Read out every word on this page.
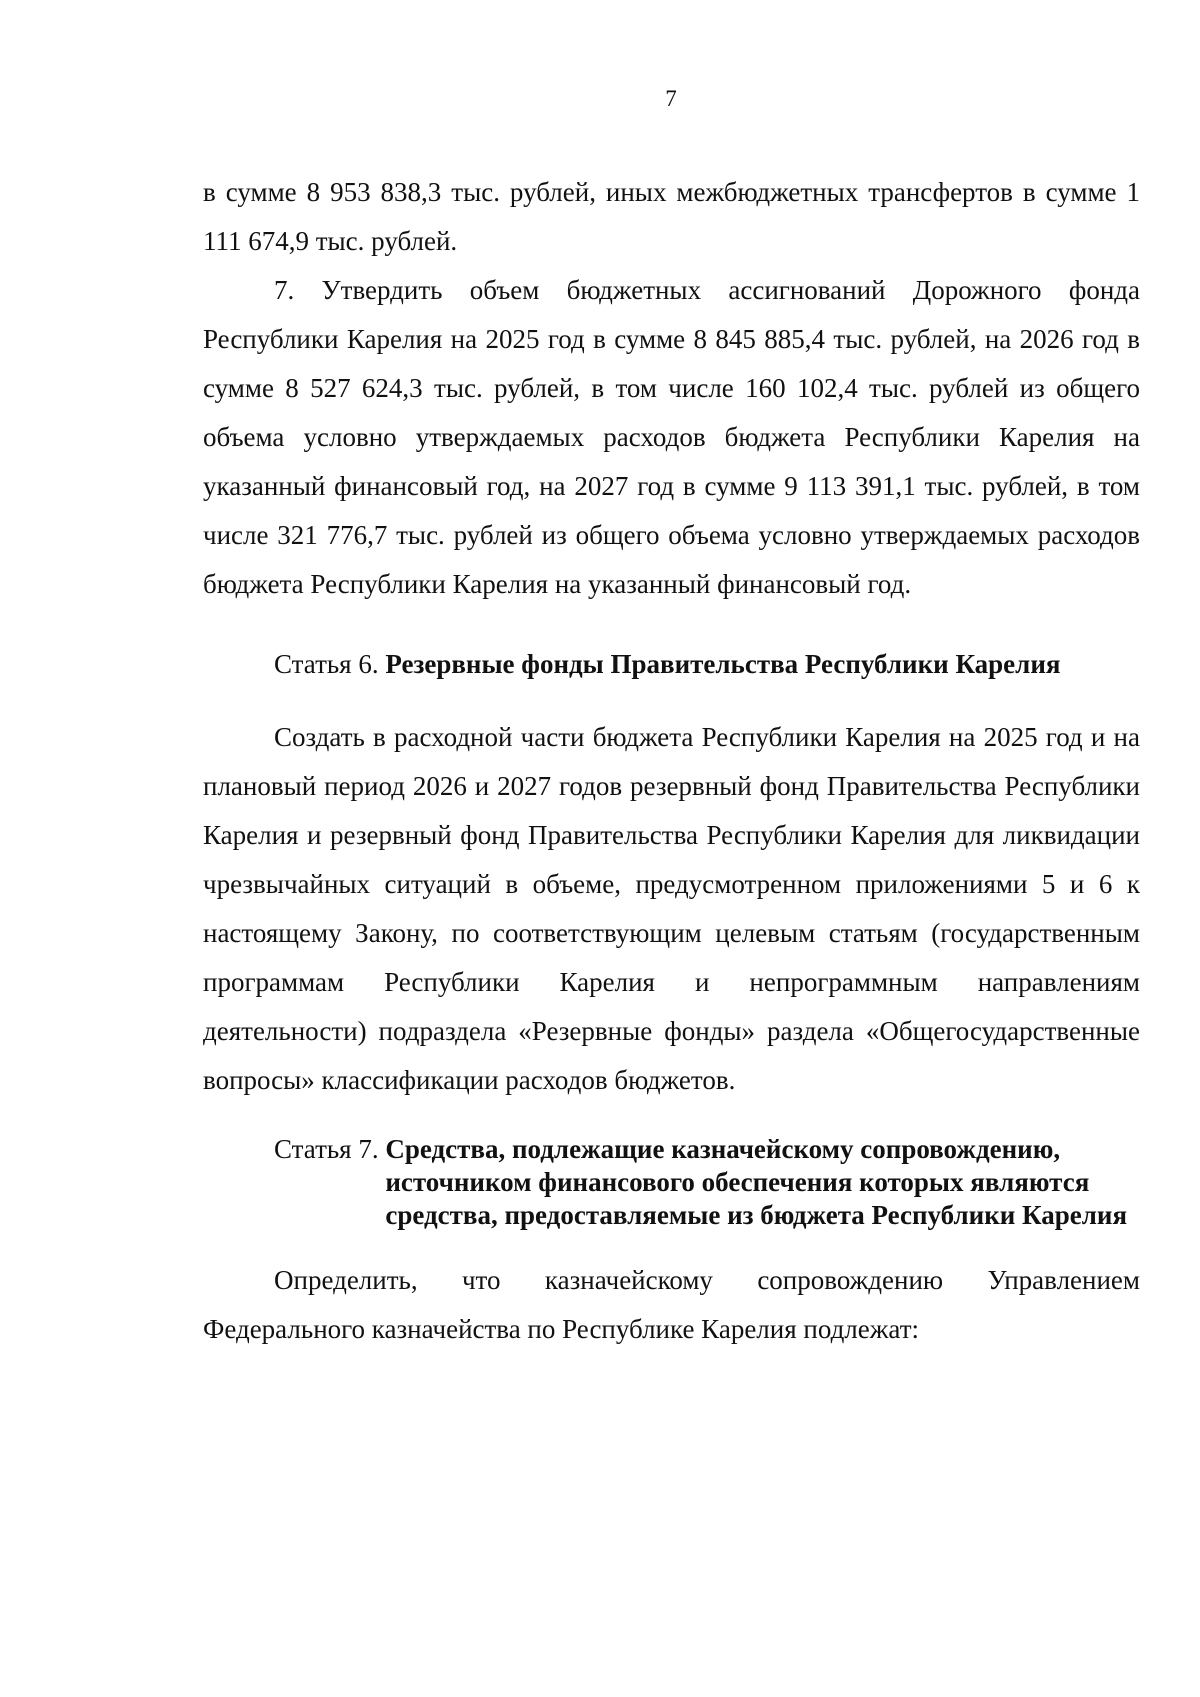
7

в сумме 8 953 838,3 тыс. рублей, иных межбюджетных трансфертов в сумме 1 111 674,9 тыс. рублей.

7. Утвердить объем бюджетных ассигнований Дорожного фонда Республики Карелия на 2025 год в сумме 8 845 885,4 тыс. рублей, на 2026 год в сумме 8 527 624,3 тыс. рублей, в том числе 160 102,4 тыс. рублей из общего объема условно утверждаемых расходов бюджета Республики Карелия на указанный финансовый год, на 2027 год в сумме 9 113 391,1 тыс. рублей, в том числе 321 776,7 тыс. рублей из общего объема условно утверждаемых расходов бюджета Республики Карелия на указанный финансовый год.

Статья 6. Резервные фонды Правительства Республики Карелия

Создать в расходной части бюджета Республики Карелия на 2025 год и на плановый период 2026 и 2027 годов резервный фонд Правительства Республики Карелия и резервный фонд Правительства Республики Карелия для ликвидации чрезвычайных ситуаций в объеме, предусмотренном приложениями 5 и 6 к настоящему Закону, по соответствующим целевым статьям (государственным программам Республики Карелия и непрограммным направлениям деятельности) подраздела «Резервные фонды» раздела «Общегосударственные вопросы» классификации расходов бюджетов.

Статья 7. Средства, подлежащие казначейскому сопровождению, источником финансового обеспечения которых являются средства, предоставляемые из бюджета Республики Карелия

Определить, что казначейскому сопровождению Управлением Федерального казначейства по Республике Карелия подлежат:
